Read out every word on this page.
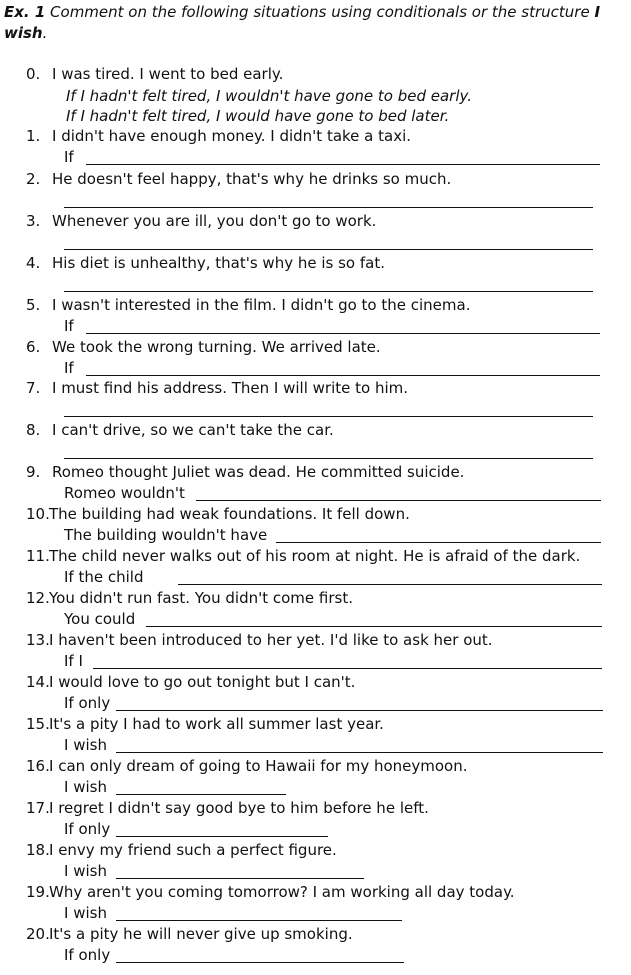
Ex. 1 Comment on the following situations using conditionals or the structure I wish.
0. I was tired. I went to bed early.
If I hadn't felt tired, I wouldn't have gone to bed early.
If I hadn't felt tired, I would have gone to bed later.
1. I didn't have enough money. I didn't take a taxi.
If
2. He doesn't feel happy, that's why he drinks so much.
3. Whenever you are ill, you don't go to work.
4. His diet is unhealthy, that's why he is so fat.
5. I wasn't interested in the film. I didn't go to the cinema.
If
6. We took the wrong turning. We arrived late.
If
7. I must find his address. Then I will write to him.
8. I can't drive, so we can't take the car.
9. Romeo thought Juliet was dead. He committed suicide.
Romeo wouldn't
10.The building had weak foundations. It fell down.
The building wouldn't have
11.The child never walks out of his room at night. He is afraid of the dark.
If the child
12.You didn't run fast. You didn't come first.
You could
13.I haven't been introduced to her yet. I'd like to ask her out.
If I
14.I would love to go out tonight but I can't.
If only
15.It's a pity I had to work all summer last year.
I wish
16.I can only dream of going to Hawaii for my honeymoon.
I wish
17.I regret I didn't say good bye to him before he left.
If only
18.I envy my friend such a perfect figure.
I wish
19.Why aren't you coming tomorrow? I am working all day today.
I wish
20.It's a pity he will never give up smoking.
If only
